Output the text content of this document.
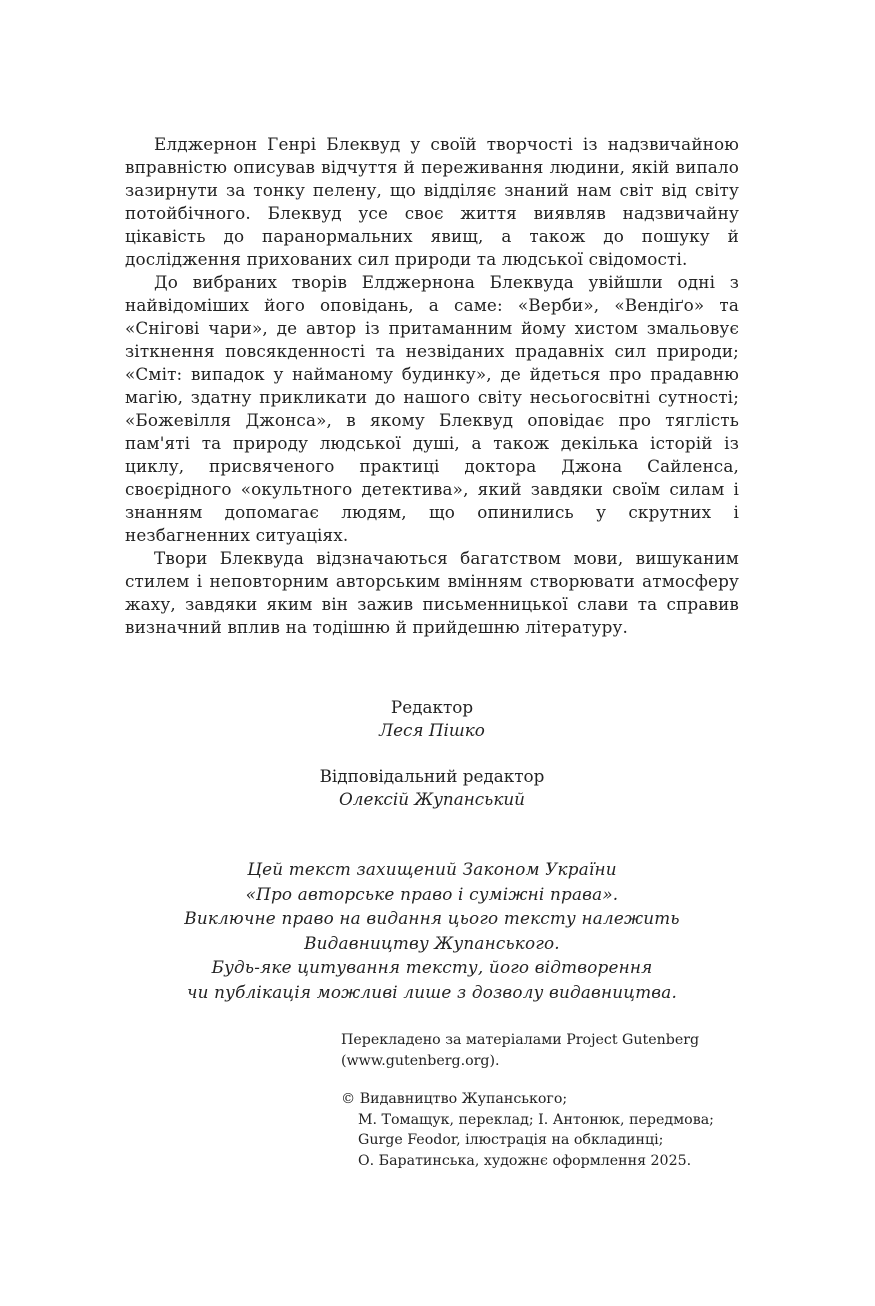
Елджернон Генрі Блеквуд у своїй творчості із надзвичайною вправністю описував відчуття й переживання людини, якій випало зазирнути за тонку пелену, що відділяє знаний нам світ від світу потойбічного. Блеквуд усе своє життя виявляв надзвичайну цікавість до паранормальних явищ, а також до пошуку й дослідження прихованих сил природи та людської свідомості.

До вибраних творів Елджернона Блеквуда увійшли одні з найвідоміших його оповідань, а саме: «Верби», «Вендіґо» та «Снігові чари», де автор із притаманним йому хистом змальовує зіткнення повсякденності та незвіданих прадавніх сил природи; «Сміт: випадок у найманому будинку», де йдеться про прадавню магію, здатну прикликати до нашого світу несьогосвітні сутності; «Божевілля Джонса», в якому Блеквуд оповідає про тяглість пам'яті та природу людської душі, а також декілька історій із циклу, присвяченого практиці доктора Джона Сайленса, своєрідного «окультного детектива», який завдяки своїм силам і знанням допомагає людям, що опинились у скрутних і незбагненних ситуаціях.

Твори Блеквуда відзначаються багатством мови, вишуканим стилем і неповторним авторським вмінням створювати атмосферу жаху, завдяки яким він зажив письменницької слави та справив визначний вплив на тодішню й прийдешню літературу.

Редактор
Леся Пішко
Відповідальний редактор
Олексій Жупанський
Цей текст захищений Законом України
«Про авторське право і суміжні права».
Виключне право на видання цього тексту належить
Видавництву Жупанського.
Будь-яке цитування тексту, його відтворення
чи публікація можливі лише з дозволу видавництва.
Перекладено за матеріалами Project Gutenberg
(www.gutenberg.org).
© Видавництво Жупанського;
М. Томащук, переклад; І. Антонюк, передмова;
Gurge Feodor, ілюстрація на обкладинці;
О. Баратинська, художнє оформлення 2025.
